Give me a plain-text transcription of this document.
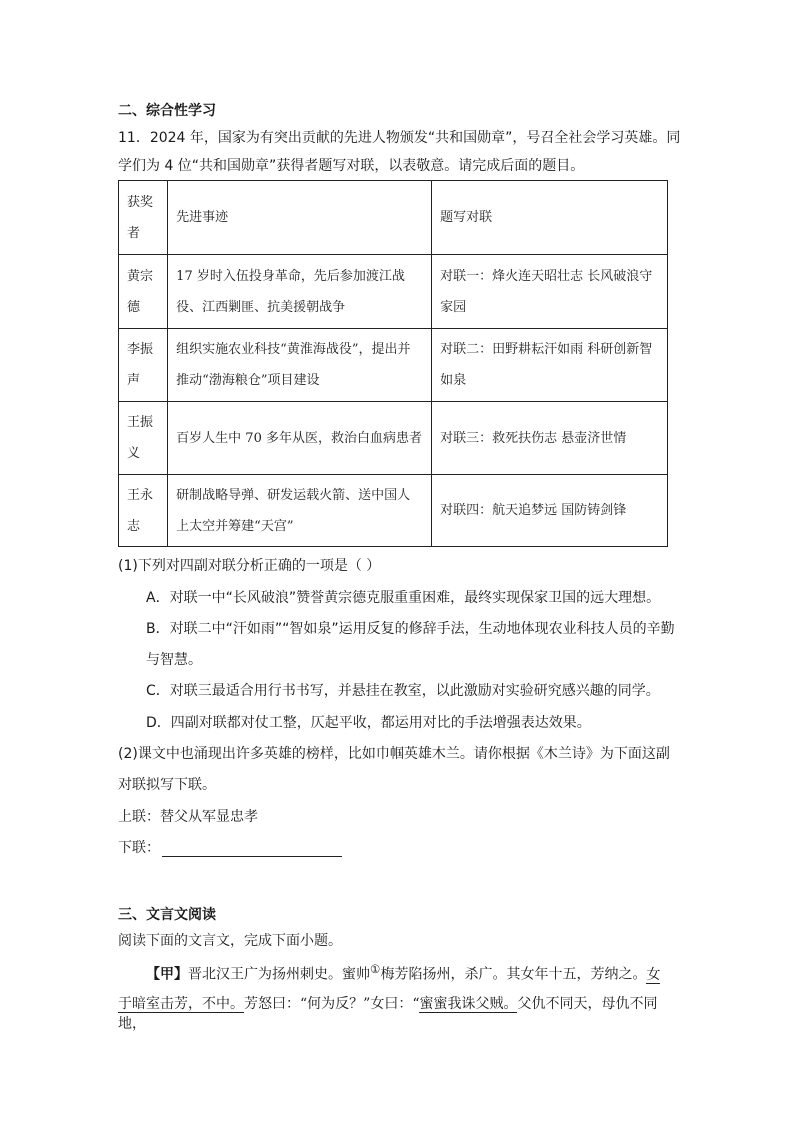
二、综合性学习
11．2024 年，国家为有突出贡献的先进人物颁发“共和国勋章”，号召全社会学习英雄。同
学们为 4 位“共和国勋章”获得者题写对联，以表敬意。请完成后面的题目。
获奖者	先进事迹	题写对联
黄宗德	17 岁时入伍投身革命，先后参加渡江战役、江西剿匪、抗美援朝战争	对联一：烽火连天昭壮志 长风破浪守家园
李振声	组织实施农业科技“黄淮海战役”，提出并推动“渤海粮仓”项目建设	对联二：田野耕耘汗如雨 科研创新智如泉
王振义	百岁人生中 70 多年从医，救治白血病患者	对联三：救死扶伤志 悬壶济世情
王永志	研制战略导弹、研发运载火箭、送中国人上太空并筹建“天宫”	对联四：航天追梦远 国防铸剑锋
(1)下列对四副对联分析正确的一项是（ ）
A．对联一中“长风破浪”赞誉黄宗德克服重重困难，最终实现保家卫国的远大理想。
B．对联二中“汗如雨”“智如泉”运用反复的修辞手法，生动地体现农业科技人员的辛勤
与智慧。
C．对联三最适合用行书书写，并悬挂在教室，以此激励对实验研究感兴趣的同学。
D．四副对联都对仗工整，仄起平收，都运用对比的手法增强表达效果。
(2)课文中也涌现出许多英雄的榜样，比如巾帼英雄木兰。请你根据《木兰诗》为下面这副
对联拟写下联。
上联：替父从军显忠孝
下联：
三、文言文阅读
阅读下面的文言文，完成下面小题。
【甲】晋北汉王广为扬州刺史。蜜帅①梅芳陷扬州，杀广。其女年十五，芳纳之。女
于暗室击芳，不中。芳怒曰：“何为反？”女曰：“蜜蜜我诛父贼。父仇不同天，母仇不同地，
